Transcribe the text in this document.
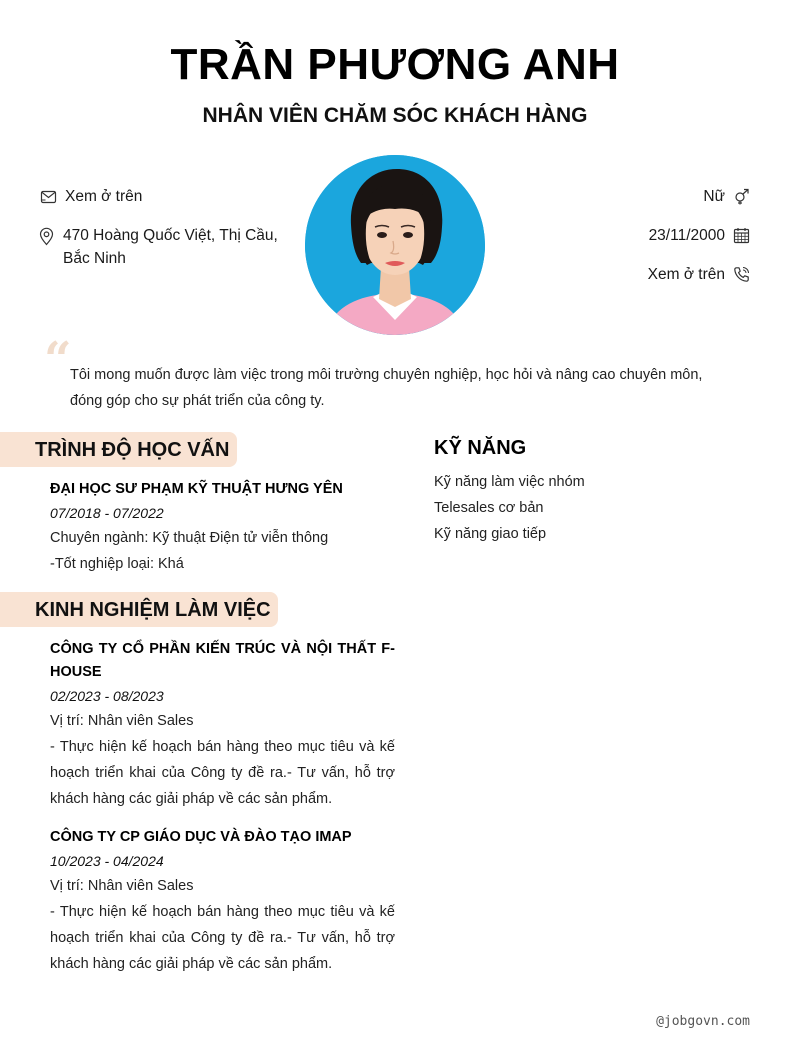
TRẦN PHƯƠNG ANH
NHÂN VIÊN CHĂM SÓC KHÁCH HÀNG
Xem ở trên
470 Hoàng Quốc Việt, Thị Cầu, Bắc Ninh
Nữ
23/11/2000
Xem ở trên
“
Tôi mong muốn được làm việc trong môi trường chuyên nghiệp, học hỏi và nâng cao chuyên môn, đóng góp cho sự phát triển của công ty.
TRÌNH ĐỘ HỌC VẤN
ĐẠI HỌC SƯ PHẠM KỸ THUẬT HƯNG YÊN
07/2018 - 07/2022
Chuyên ngành: Kỹ thuật Điện tử viễn thông
-Tốt nghiệp loại: Khá
KINH NGHIỆM LÀM VIỆC
CÔNG TY CỔ PHẦN KIẾN TRÚC VÀ NỘI THẤT F-HOUSE
02/2023 - 08/2023
Vị trí: Nhân viên Sales
- Thực hiện kế hoạch bán hàng theo mục tiêu và kế hoạch triển khai của Công ty đề ra.- Tư vấn, hỗ trợ khách hàng các giải pháp về các sản phẩm.
CÔNG TY CP GIÁO DỤC VÀ ĐÀO TẠO IMAP
10/2023 - 04/2024
Vị trí: Nhân viên Sales
- Thực hiện kế hoạch bán hàng theo mục tiêu và kế hoạch triển khai của Công ty đề ra.- Tư vấn, hỗ trợ khách hàng các giải pháp về các sản phẩm.
KỸ NĂNG
Kỹ năng làm việc nhóm
Telesales cơ bản
Kỹ năng giao tiếp
@jobgovn.com
